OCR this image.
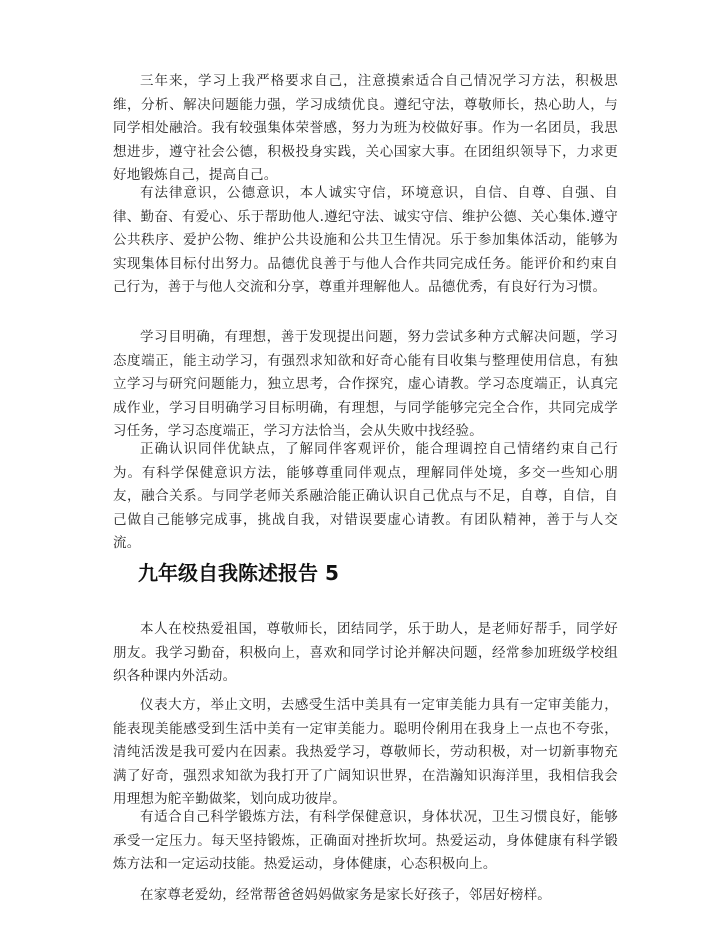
三年来，学习上我严格要求自己，注意摸索适合自己情况学习方法，积极思维，分析、解决问题能力强，学习成绩优良。遵纪守法，尊敬师长，热心助人，与同学相处融洽。我有较强集体荣誉感，努力为班为校做好事。作为一名团员，我思想进步，遵守社会公德，积极投身实践，关心国家大事。在团组织领导下，力求更好地锻炼自己，提高自己。

有法律意识，公德意识，本人诚实守信，环境意识，自信、自尊、自强、自律、勤奋、有爱心、乐于帮助他人.遵纪守法、诚实守信、维护公德、关心集体.遵守公共秩序、爱护公物、维护公共设施和公共卫生情况。乐于参加集体活动，能够为实现集体目标付出努力。品德优良善于与他人合作共同完成任务。能评价和约束自己行为，善于与他人交流和分享，尊重并理解他人。品德优秀，有良好行为习惯。

学习目明确，有理想，善于发现提出问题，努力尝试多种方式解决问题，学习态度端正，能主动学习，有强烈求知欲和好奇心能有目收集与整理使用信息，有独立学习与研究问题能力，独立思考，合作探究，虚心请教。学习态度端正，认真完成作业，学习目明确学习目标明确，有理想，与同学能够完完全合作，共同完成学习任务，学习态度端正，学习方法恰当，会从失败中找经验。

正确认识同伴优缺点，了解同伴客观评价，能合理调控自己情绪约束自己行为。有科学保健意识方法，能够尊重同伴观点，理解同伴处境，多交一些知心朋友，融合关系。与同学老师关系融洽能正确认识自己优点与不足，自尊，自信，自己做自己能够完成事，挑战自我，对错误要虚心请教。有团队精神，善于与人交流。

九年级自我陈述报告 5

本人在校热爱祖国，尊敬师长，团结同学，乐于助人，是老师好帮手，同学好朋友。我学习勤奋，积极向上，喜欢和同学讨论并解决问题，经常参加班级学校组织各种课内外活动。

仪表大方，举止文明，去感受生活中美具有一定审美能力具有一定审美能力，能表现美能感受到生活中美有一定审美能力。聪明伶俐用在我身上一点也不夸张，清纯活泼是我可爱内在因素。我热爱学习，尊敬师长，劳动积极，对一切新事物充满了好奇，强烈求知欲为我打开了广阔知识世界，在浩瀚知识海洋里，我相信我会用理想为舵辛勤做桨，划向成功彼岸。

有适合自己科学锻炼方法，有科学保健意识，身体状况，卫生习惯良好，能够承受一定压力。每天坚持锻炼，正确面对挫折坎坷。热爱运动，身体健康有科学锻炼方法和一定运动技能。热爱运动，身体健康，心态积极向上。

在家尊老爱幼，经常帮爸爸妈妈做家务是家长好孩子，邻居好榜样。
